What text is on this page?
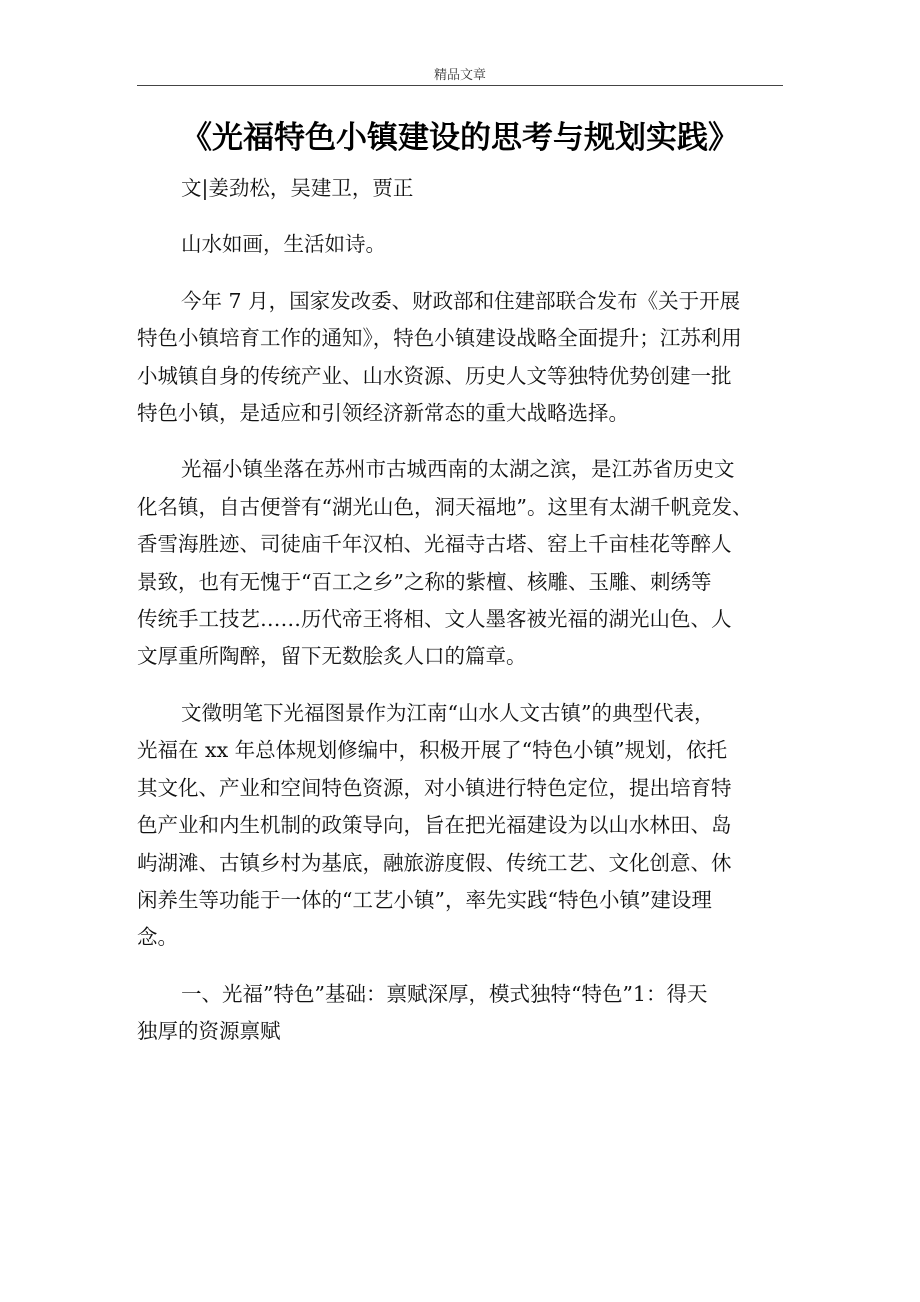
精品文章
《光福特色小镇建设的思考与规划实践》

文|姜劲松，吴建卫，贾正

山水如画，生活如诗。

今年 7 月，国家发改委、财政部和住建部联合发布《关于开展
特色小镇培育工作的通知》，特色小镇建设战略全面提升；江苏利用
小城镇自身的传统产业、山水资源、历史人文等独特优势创建一批
特色小镇，是适应和引领经济新常态的重大战略选择。

光福小镇坐落在苏州市古城西南的太湖之滨，是江苏省历史文
化名镇，自古便誉有“湖光山色，洞天福地”。这里有太湖千帆竞发、
香雪海胜迹、司徒庙千年汉柏、光福寺古塔、窑上千亩桂花等醉人
景致，也有无愧于“百工之乡”之称的紫檀、核雕、玉雕、刺绣等
传统手工技艺……历代帝王将相、文人墨客被光福的湖光山色、人
文厚重所陶醉，留下无数脍炙人口的篇章。

文徵明笔下光福图景作为江南“山水人文古镇”的典型代表，
光福在 xx 年总体规划修编中，积极开展了“特色小镇”规划，依托
其文化、产业和空间特色资源，对小镇进行特色定位，提出培育特
色产业和内生机制的政策导向，旨在把光福建设为以山水林田、岛
屿湖滩、古镇乡村为基底，融旅游度假、传统工艺、文化创意、休
闲养生等功能于一体的“工艺小镇”，率先实践“特色小镇”建设理
念。

一、光福”特色”基础：禀赋深厚，模式独特“特色”1：得天
独厚的资源禀赋
